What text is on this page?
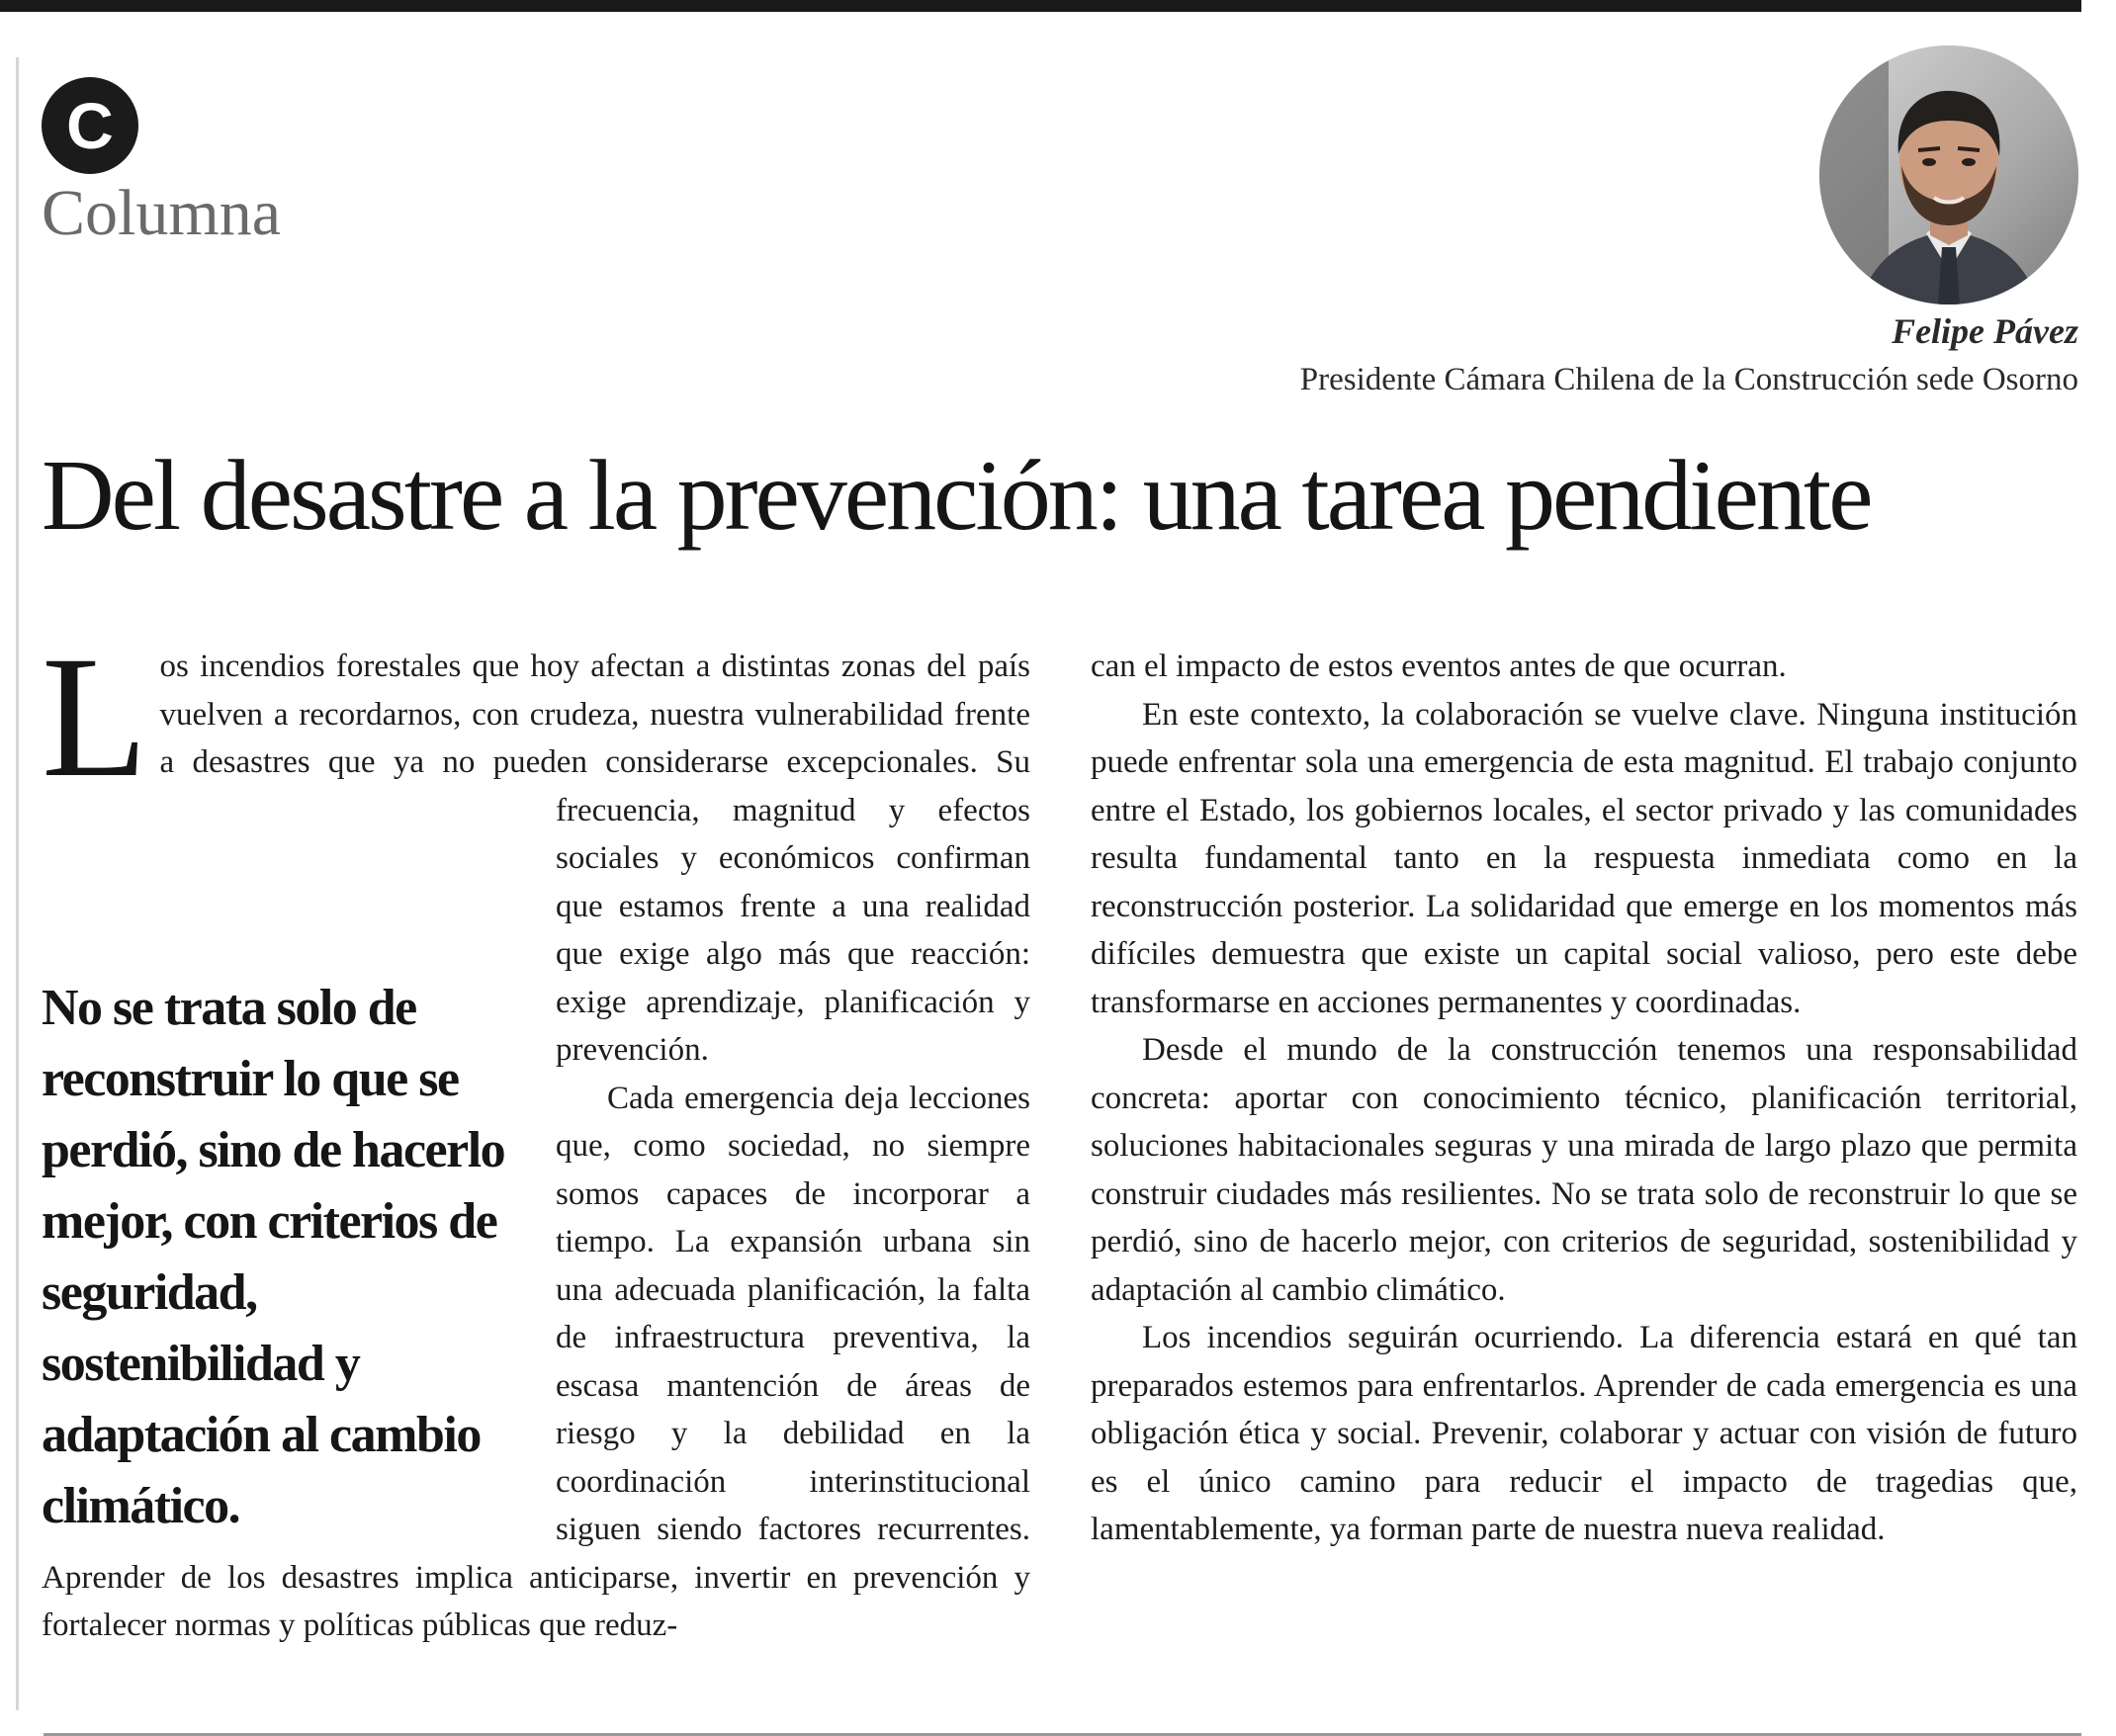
C
Columna
Felipe Pávez
Presidente Cámara Chilena de la Construcción sede Osorno
Del desastre a la prevención: una tarea pendiente
L
No se trata solo de reconstruir lo que se perdió, sino de hacerlo mejor, con criterios de seguridad, sostenibilidad y adaptación al cambio climático.

os incendios forestales que hoy afectan a distintas zonas del país vuelven a recordarnos, con crudeza, nuestra vulnerabilidad frente a desastres que ya no pueden considerarse excepcionales. Su frecuencia, magnitud y efectos sociales y económicos confirman que estamos frente a una realidad que exige algo más que reacción: exige aprendizaje, planificación y prevención.

Cada emergencia deja lecciones que, como sociedad, no siempre somos capaces de incorporar a tiempo. La expansión urbana sin una adecuada planificación, la falta de infraestructura preventiva, la escasa mantención de áreas de riesgo y la debilidad en la coordinación interinstitucional siguen siendo factores recurrentes. Aprender de los desastres implica anticiparse, invertir en prevención y fortalecer normas y políticas públicas que reduz-

can el impacto de estos eventos antes de que ocurran.

En este contexto, la colaboración se vuelve clave. Ninguna institución puede enfrentar sola una emergencia de esta magnitud. El trabajo conjunto entre el Estado, los gobiernos locales, el sector privado y las comunidades resulta fundamental tanto en la respuesta inmediata como en la reconstrucción posterior. La solidaridad que emerge en los momentos más difíciles demuestra que existe un capital social valioso, pero este debe transformarse en acciones permanentes y coordinadas.

Desde el mundo de la construcción tenemos una responsabilidad concreta: aportar con conocimiento técnico, planificación territorial, soluciones habitacionales seguras y una mirada de largo plazo que permita construir ciudades más resilientes. No se trata solo de reconstruir lo que se perdió, sino de hacerlo mejor, con criterios de seguridad, sostenibilidad y adaptación al cambio climático.

Los incendios seguirán ocurriendo. La diferencia estará en qué tan preparados estemos para enfrentarlos. Aprender de cada emergencia es una obligación ética y social. Prevenir, colaborar y actuar con visión de futuro es el único camino para reducir el impacto de tragedias que, lamentablemente, ya forman parte de nuestra nueva realidad.
